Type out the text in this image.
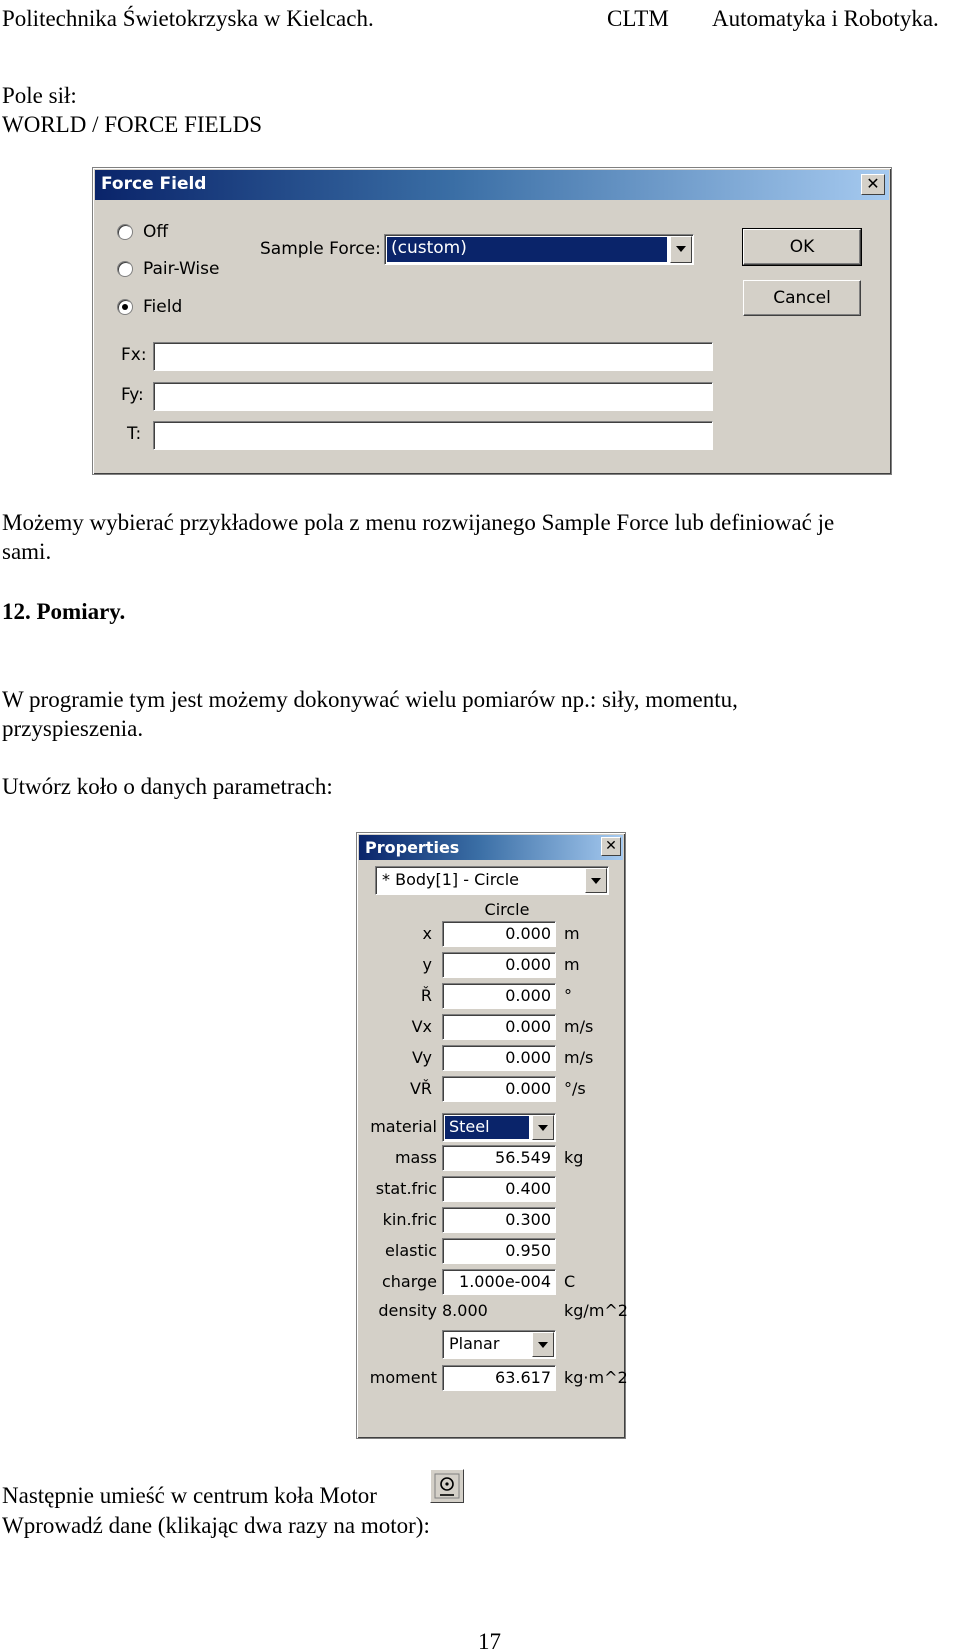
Politechnika Świetokrzyska w Kielcach.	CLTM Automatyka i Robotyka.
Pole sił:
WORLD / FORCE FIELDS
Force Field	✕
Off
Pair-Wise
Field
Sample Force: (custom)	OK
Cancel
Fx:
Fy:
T:
Możemy wybierać przykładowe pola z menu rozwijanego Sample Force lub definiować je
sami.
12. Pomiary.
W programie tym jest możemy dokonywać wielu pomiarów np.: siły, momentu,
przyspieszenia.
Utwórz koło o danych parametrach:
Properties	✕
* Body[1] - Circle
Circle
x	0.000 m
y	0.000 m
Ř	0.000 °
Vx	0.000 m/s
Vy	0.000 m/s
VŘ	0.000 °/s
material Steel
mass	56.549 kg
stat.fric	0.400
kin.fric	0.300
elastic	0.950
charge	1.000e-004 C
density 8.000	kg/m^2
Planar
moment	63.617 kg·m^2
Następnie umieść w centrum koła Motor
Wprowadź dane (klikając dwa razy na motor):
17
